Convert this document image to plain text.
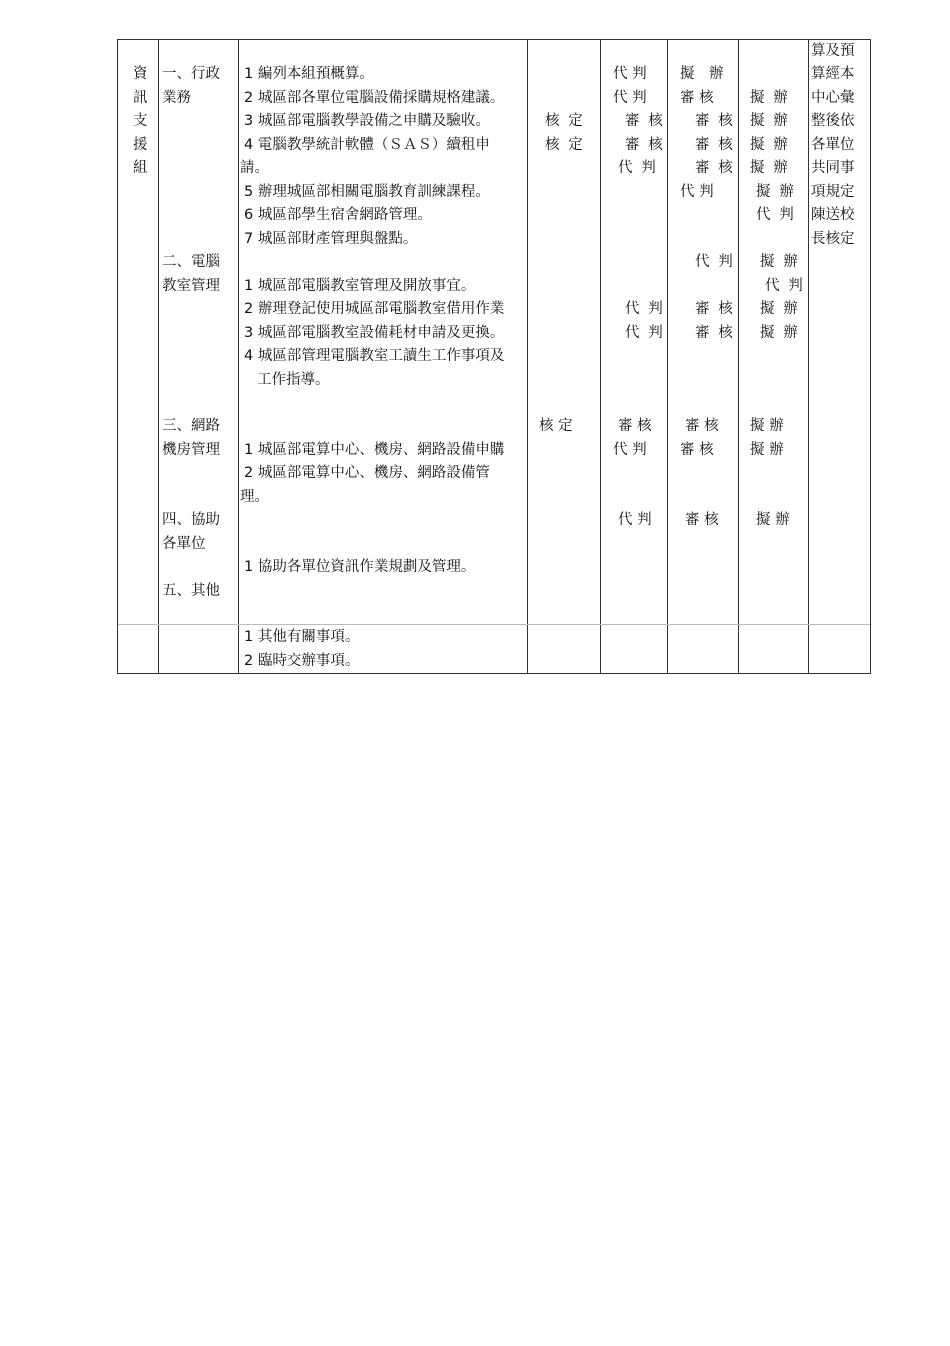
資
訊
支
援
組
一、行政
業務
二、電腦
教室管理
三、網路
機房管理
四、協助
各單位
五、其他
1 編列本組預概算。
2 城區部各單位電腦設備採購規格建議。
3 城區部電腦教學設備之申購及驗收。
4 電腦教學統計軟體（ＳＡＳ）續租申
請。
5 辦理城區部相關電腦教育訓練課程。
6 城區部學生宿舍網路管理。
7 城區部財產管理與盤點。
1 城區部電腦教室管理及開放事宜。
2 辦理登記使用城區部電腦教室借用作業
3 城區部電腦教室設備耗材申請及更換。
4 城區部管理電腦教室工讀生工作事項及
工作指導。
1 城區部電算中心、機房、網路設備申購
2 城區部電算中心、機房、網路設備管
理。
1 協助各單位資訊作業規劃及管理。
1 其他有關事項。
2 臨時交辦事項。
核定
核定
核 定
代 判
代 判
審核
審核
代判
代判
代判
審 核
代 判
代 判
擬　辦
審 核
審核
審核
審核
代 判
代判
審核
審核
審 核
審 核
審 核
擬辦
擬辦
擬辦
擬辦
擬辦
代判
擬辦
代判
擬辦
擬辦
擬 辦
擬 辦
擬 辦
算及預
算經本
中心彙
整後依
各單位
共同事
項規定
陳送校
長核定
